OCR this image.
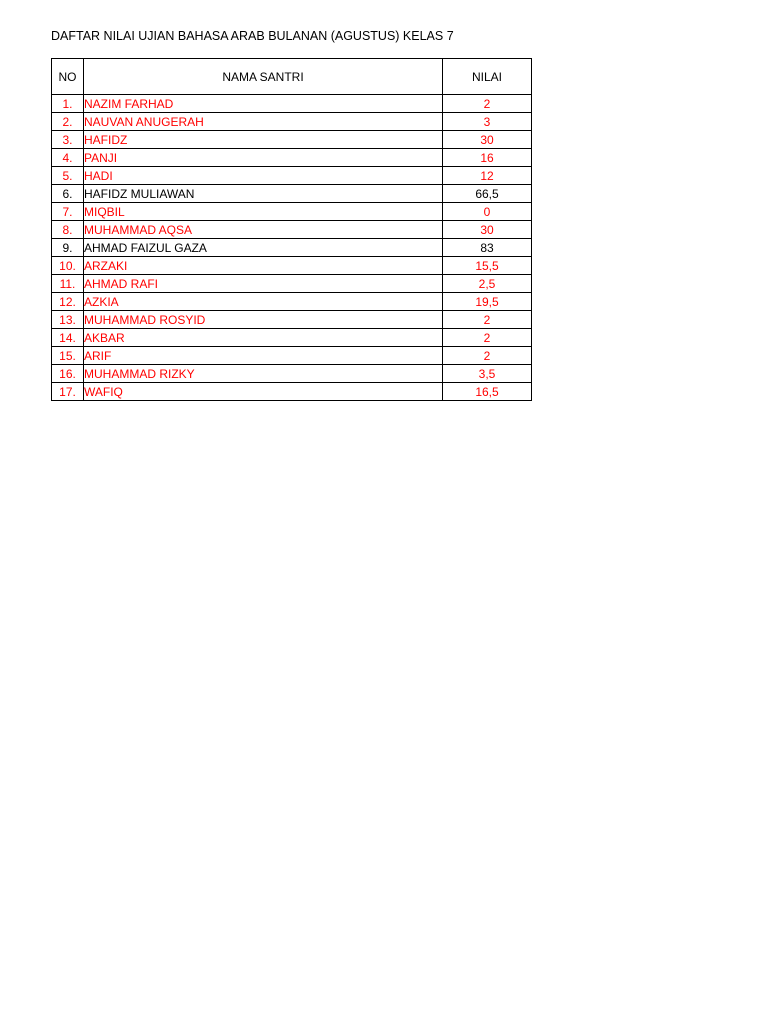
DAFTAR NILAI UJIAN BAHASA ARAB BULANAN (AGUSTUS) KELAS 7
NO	NAMA SANTRI	NILAI
1.	NAZIM FARHAD	2
2.	NAUVAN ANUGERAH	3
3.	HAFIDZ	30
4.	PANJI	16
5.	HADI	12
6.	HAFIDZ MULIAWAN	66,5
7.	MIQBIL	0
8.	MUHAMMAD AQSA	30
9.	AHMAD FAIZUL GAZA	83
10.	ARZAKI	15,5
11.	AHMAD RAFI	2,5
12.	AZKIA	19,5
13.	MUHAMMAD ROSYID	2
14.	AKBAR	2
15.	ARIF	2
16.	MUHAMMAD RIZKY	3,5
17.	WAFIQ	16,5
